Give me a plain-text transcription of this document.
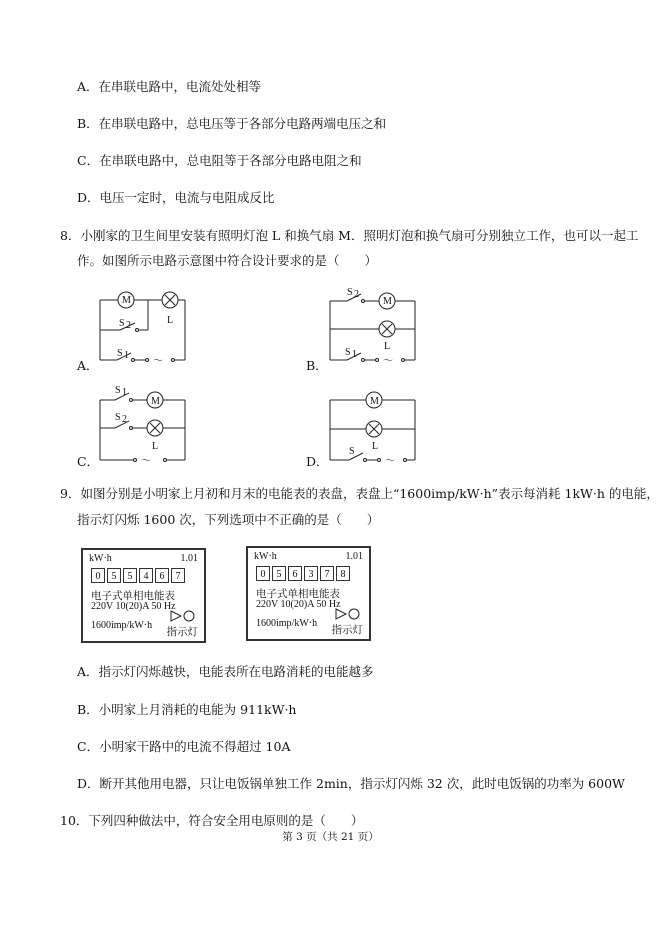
A．在串联电路中，电流处处相等
B．在串联电路中，总电压等于各部分电路两端电压之和
C．在串联电路中，总电阻等于各部分电路电阻之和
D．电压一定时，电流与电阻成反比
8．小刚家的卫生间里安装有照明灯泡 L 和换气扇 M．照明灯泡和换气扇可分别独立工作，也可以一起工
作。如图所示电路示意图中符合设计要求的是（　　）
A．
M
L
S 2
S 1
～	B．
S 2
M
L
S 1
～
C．
S 1
M
S 2
L
～	D．
M
S L
～
9．如图分别是小明家上月初和月末的电能表的表盘，表盘上“1600imp/kW·h”表示每消耗 1kW·h 的电能，
指示灯闪烁 1600 次，下列选项中不正确的是（　　）
kW·h	1.01
0	5	5	4	6	7
电子式单相电能表
220V 10(20)A 50 Hz
1600imp/kW·h
指示灯
kW·h	1.01
0	5	6	3	7	8
电子式单相电能表
220V 10(20)A 50 Hz
1600imp/kW·h
指示灯
A．指示灯闪烁越快，电能表所在电路消耗的电能越多
B．小明家上月消耗的电能为 911kW·h
C．小明家干路中的电流不得超过 10A
D．断开其他用电器，只让电饭锅单独工作 2min，指示灯闪烁 32 次，此时电饭锅的功率为 600W
10．下列四种做法中，符合安全用电原则的是（　　）
第 3 页（共 21 页）
